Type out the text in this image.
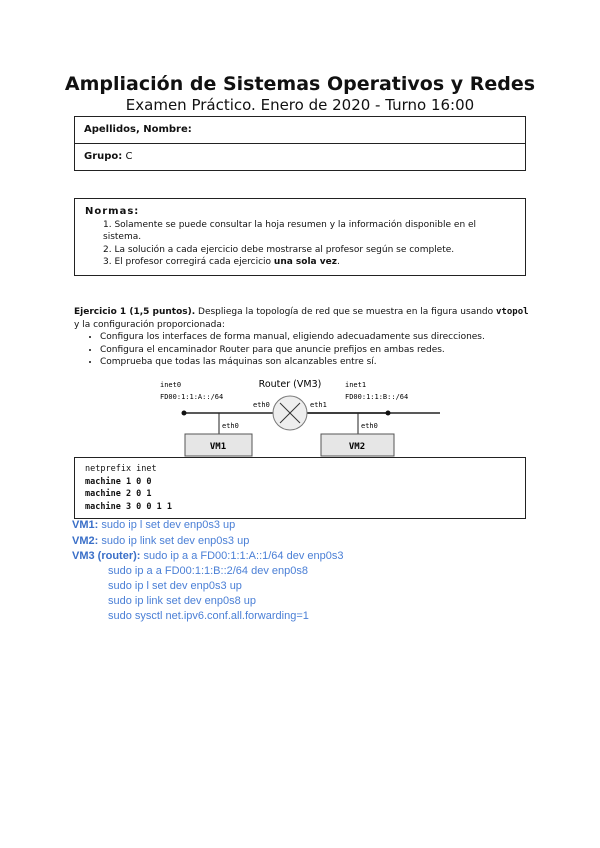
Ampliación de Sistemas Operativos y Redes
Examen Práctico. Enero de 2020 - Turno 16:00
Apellidos, Nombre:
Grupo: C
Normas:
1. Solamente se puede consultar la hoja resumen y la información disponible en el sistema.
2. La solución a cada ejercicio debe mostrarse al profesor según se complete.
3. El profesor corregirá cada ejercicio una sola vez.
Ejercicio 1 (1,5 puntos). Despliega la topología de red que se muestra en la figura usando vtopol y la configuración proporcionada:
• Configura los interfaces de forma manual, eligiendo adecuadamente sus direcciones.
• Configura el encaminador Router para que anuncie prefijos en ambas redes.
• Comprueba que todas las máquinas son alcanzables entre sí.
VM1	VM2
Router (VM3)
inet0
FD00:1:1:A::/64
inet1
FD00:1:1:B::/64
eth0	eth1
eth0	eth0
netprefix inet
machine 1 0 0
machine 2 0 1
machine 3 0 0 1 1
VM1: sudo ip l set dev enp0s3 up
VM2: sudo ip link set dev enp0s3 up
VM3 (router): sudo ip a a FD00:1:1:A::1/64 dev enp0s3
sudo ip a a FD00:1:1:B::2/64 dev enp0s8
sudo ip l set dev enp0s3 up
sudo ip link set dev enp0s8 up
sudo sysctl net.ipv6.conf.all.forwarding=1
